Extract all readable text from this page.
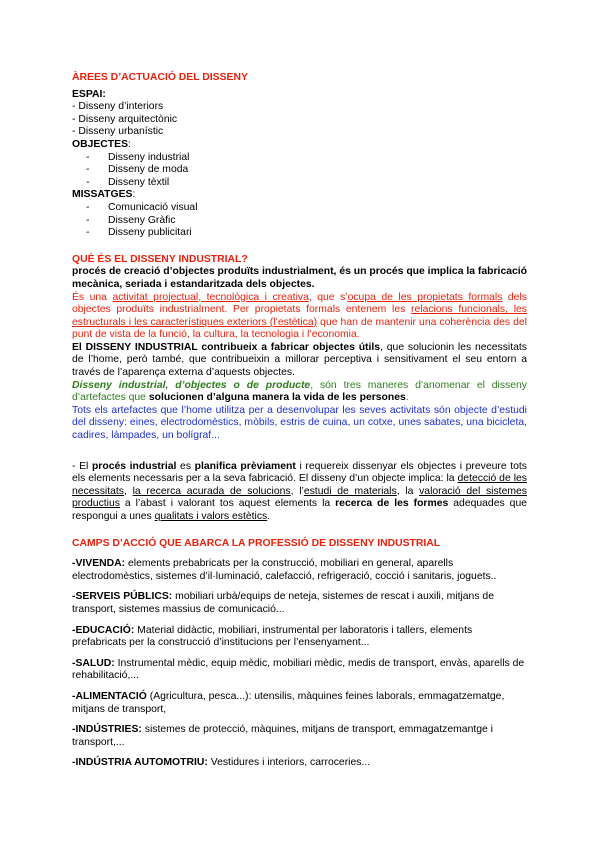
ÀREES D’ACTUACIÓ DEL DISSENY
ESPAI:
- Disseny d’interiors
- Disseny arquitectònic
- Disseny urbanístic
OBJECTES:
- Disseny industrial
- Disseny de moda
- Disseny tèxtil
MISSATGES:
- Comunicació visual
- Disseny Gràfic
- Disseny publicitari
QUÈ ÉS EL DISSENY INDUSTRIAL?
procés de creació d’objectes produïts industrialment, és un procés que implica la fabricació mecànica, seriada i estandaritzada dels objectes.
És una activitat projectual, tecnològica i creativa, que s’ocupa de les propietats formals dels objectes produïts industrialment. Per propietats formals entenem les relacions funcionals, les estructurals i les característiques exteriors (l’estètica) que han de mantenir una coherència des del punt de vista de la funció, la cultura, la tecnologia i l’economia.
El DISSENY INDUSTRIAL contribueix a fabricar objectes útils, que solucionin les necessitats de l’home, però també, que contribueixin a millorar perceptiva i sensitivament el seu entorn a través de l’aparença externa d’aquests objectes.
Disseny industrial, d’objectes o de producte, són tres maneres d’anomenar el disseny d’artefactes que solucionen d’alguna manera la vida de les persones.
Tots els artefactes que l’home utilitza per a desenvolupar les seves activitats són objecte d’estudi del disseny: eines, electrodomèstics, mòbils, estris de cuina, un cotxe, unes sabates, una bicicleta, cadires, làmpades, un bolígraf...
- El procés industrial es planifica prèviament i requereix dissenyar els objectes i preveure tots els elements necessaris per a la seva fabricació. El disseny d’un objecte implica: la detecció de les necessitats, la recerca acurada de solucions, l’estudi de materials, la valoració del sistemes productius a l’abast i valorant tos aquest elements la recerca de les formes adequades que respongui a unes qualitats i valors estètics.
CAMPS D’ACCIÓ QUE ABARCA LA PROFESSIÓ DE DISSENY INDUSTRIAL
-VIVENDA: elements prebabricats per la construcció, mobiliari en general, aparells electrodomèstics, sistemes d’il·luminació, calefacció, refrigeració, cocció i sanitaris, joguets..
-SERVEIS PÚBLICS: mobiliari urbà/equips de neteja, sistemes de rescat i auxili, mitjans de transport, sistemes massius de comunicació...
-EDUCACIÓ: Material didàctic, mobiliari, instrumental per laboratoris i tallers, elements prefabricats per la construcció d’institucions per l’ensenyament...
-SALUD: Instrumental mèdic, equip mèdic, mobiliari mèdic, medis de transport, envàs, aparells de rehabilitació,...
-ALIMENTACIÓ (Agricultura, pesca...): utensilis, màquines feines laborals, emmagatzematge, mitjans de transport,
-INDÚSTRIES: sistemes de protecció, màquines, mitjans de transport, emmagatzemantge i transport,...
-INDÚSTRIA AUTOMOTRIU: Vestidures i interiors, carroceries...
